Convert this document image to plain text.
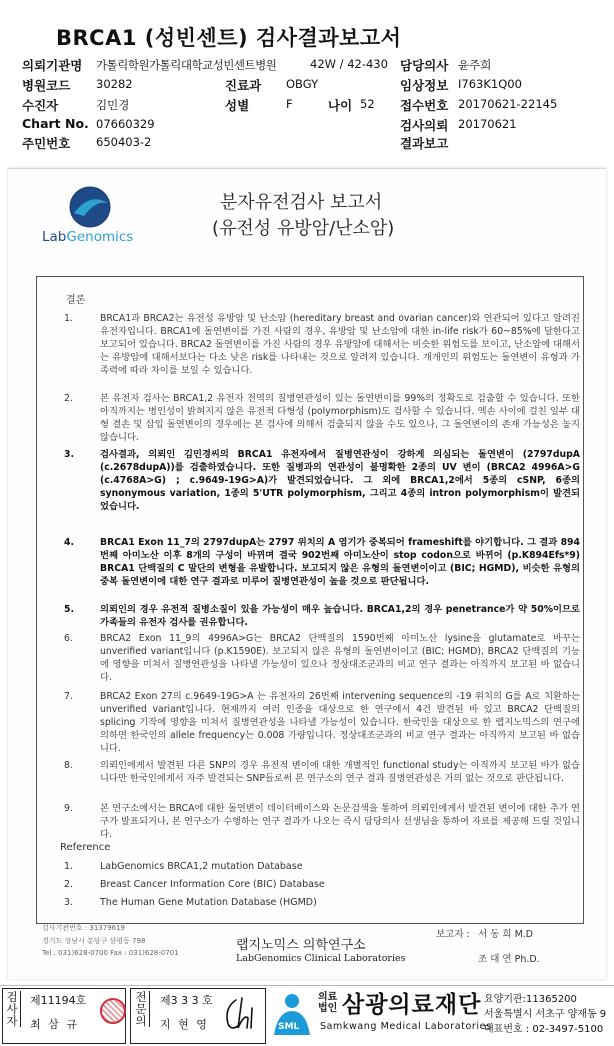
BRCA1 (성빈센트) 검사결과보고서
의뢰기관명 가톨릭학원가톨릭대학교성빈센트병원	42W / 42-430 담당의사 윤주희
병원코드 30282	진료과 OBGY	임상정보 I763K1Q00
수진자	김민경	성별	F	나이 52 접수번호 20170621-22145
Chart No. 07660329	검사의뢰 20170621
주민번호 650403-2	결과보고
LabGenomics
분자유전검사 보고서
(유전성 유방암/난소암)
결론
1.	BRCA1과 BRCA2는 유전성 유방암 및 난소암 (hereditary breast and ovarian cancer)와 연관되어 있다고 알려진 유전자입니다. BRCA1에 돌연변이를 가진 사람의 경우, 유방암 및 난소암에 대한 in-life risk가 60~85%에 달한다고 보고되어 있습니다. BRCA2 돌연변이를 가진 사람의 경우 유방암에 대해서는 비슷한 위험도를 보이고, 난소암에 대해서는 유방암에 대해서보다는 다소 낮은 risk를 나타내는 것으로 알려져 있습니다. 개개인의 위험도는 돌연변이 유형과 가족력에 따라 차이를 보일 수 있습니다.
2.	본 유전자 검사는 BRCA1,2 유전자 전역의 질병연관성이 있는 돌연변이를 99%의 정확도로 검출할 수 있습니다. 또한 아직까지는 병인성이 밝혀지지 않은 유전적 다형성 (polymorphism)도 검사할 수 있습니다. 엑손 사이에 걸친 일부 대형 결손 및 삽입 돌연변이의 경우에는 본 검사에 의해서 검출되지 않을 수도 있으나, 그 돌연변이의 존재 가능성은 높지 않습니다.
3.	검사결과, 의뢰인 김민경씨의 BRCA1 유전자에서 질병연관성이 강하게 의심되는 돌연변이 (2797dupA (c.2678dupA))를 검출하였습니다. 또한 질병과의 연관성이 불명확한 2종의 UV 변이 (BRCA2 4996A>G (c.4768A>G) ; c.9649-19G>A)가 발견되었습니다. 그 외에 BRCA1,2에서 5종의 cSNP, 6종의 synonymous variation, 1종의 5'UTR polymorphism, 그리고 4종의 intron polymorphism이 발견되었습니다.
4.	BRCA1 Exon 11_7의 2797dupA는 2797 위치의 A 염기가 중복되어 frameshift를 야기합니다. 그 결과 894번째 아미노산 이후 8개의 구성이 바뀌며 결국 902번째 아미노산이 stop codon으로 바뀌어 (p.K894Efs*9) BRCA1 단백질의 C 말단의 변형을 유발합니다. 보고되지 않은 유형의 돌연변이이고 (BIC; HGMD), 비슷한 유형의 중복 돌연변이에 대한 연구 결과로 미루어 질병연관성이 높을 것으로 판단됩니다.
5.	의뢰인의 경우 유전적 질병소질이 있을 가능성이 매우 높습니다. BRCA1,2의 경우 penetrance가 약 50%이므로 가족들의 유전자 검사를 권유합니다.
6.	BRCA2 Exon 11_9의 4996A>G는 BRCA2 단백질의 1590번째 아미노산 lysine을 glutamate로 바꾸는 unverified variant입니다 (p.K1590E). 보고되지 않은 유형의 돌연변이이고 (BIC; HGMD), BRCA2 단백질의 기능에 영향을 미쳐서 질병연관성을 나타낼 가능성이 있으나 정상대조군과의 비교 연구 결과는 아직까지 보고된 바 없습니다.
7.	BRCA2 Exon 27의 c.9649-19G>A 는 유전자의 26번째 intervening sequence의 -19 위치의 G를 A로 치환하는 unverified variant입니다. 현재까지 여러 인종을 대상으로 한 연구에서 4건 발견된 바 있고 BRCA2 단백질의 splicing 기작에 영향을 미쳐서 질병연관성을 나타낼 가능성이 있습니다. 한국인을 대상으로 한 랩지노믹스의 연구에 의하면 한국인의 allele frequency는 0.008 가량입니다. 정상대조군과의 비교 연구 결과는 아직까지 보고된 바 없습니다.
8.	의뢰인에게서 발견된 다른 SNP의 경우 유전적 변이에 대한 개별적인 functional study는 아직까지 보고된 바가 없습니다만 한국인에게서 자주 발견되는 SNP들로써 본 연구소의 연구 결과 질병연관성은 거의 없는 것으로 판단됩니다.
9.	본 연구소에서는 BRCA에 대한 돌연변이 데이터베이스와 논문검색을 통하여 의뢰인에게서 발견된 변이에 대한 추가 연구가 발표되거나, 본 연구소가 수행하는 연구 결과가 나오는 즉시 담당의사 선생님을 통하여 자료를 제공해 드릴 것입니다.
Reference
1.	LabGenomics BRCA1,2 mutation Database
2.	Breast Cancer Information Core (BIC) Database
3.	The Human Gene Mutation Database (HGMD)
검사기관번호 : 31379619
경기도 성남시 분당구 삼평동 798
Tel : 031)628-0700 Fax : 031)628-0701	랩지노믹스 의학연구소
LabGenomics Clinical Laboratories
보고자 : 서 동 희 M.D
조 대 연 Ph.D.
검
사
자
제11194호
최 삼 규
전
문
의
제3 3 3 호
지 현 영	SML
의료
법인 삼광의료재단
Samkwang Medical Laboratories
요양기관:11365200
서울특별시 서초구 양재동 9
대표번호 : 02-3497-5100
